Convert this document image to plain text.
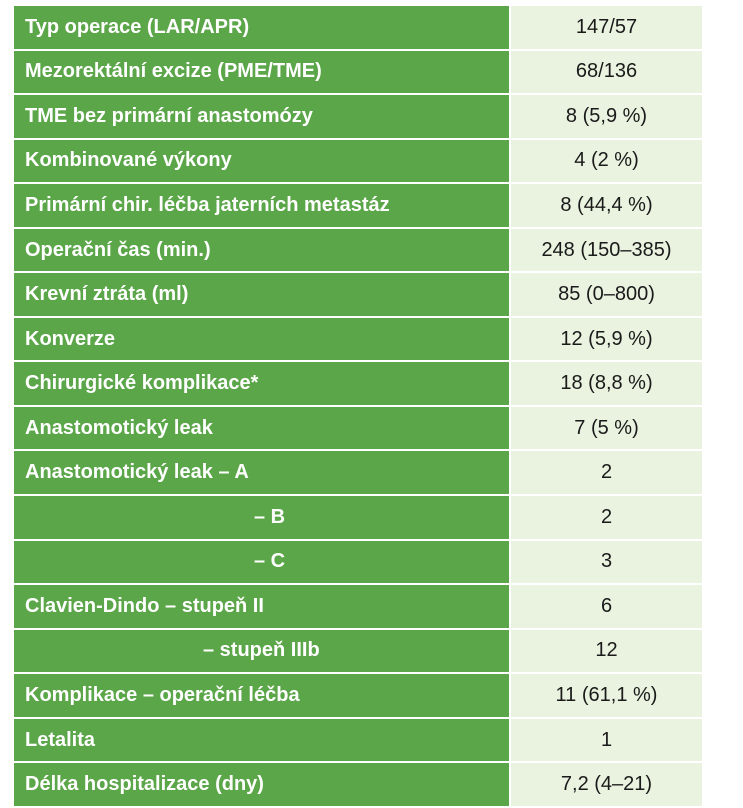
Typ operace (LAR/APR)	147/57
Mezorektální excize (PME/TME)	68/136
TME bez primární anastomózy	8 (5,9 %)
Kombinované výkony	4 (2 %)
Primární chir. léčba jaterních metastáz	8 (44,4 %)
Operační čas (min.)	248 (150–385)
Krevní ztráta (ml)	85 (0–800)
Konverze	12 (5,9 %)
Chirurgické komplikace*	18 (8,8 %)
Anastomotický leak	7 (5 %)
Anastomotický leak – A	2
– B	2
– C	3
Clavien-Dindo – stupeň II	6
– stupeň IIIb	12
Komplikace – operační léčba	11 (61,1 %)
Letalita	1
Délka hospitalizace (dny)	7,2 (4–21)
